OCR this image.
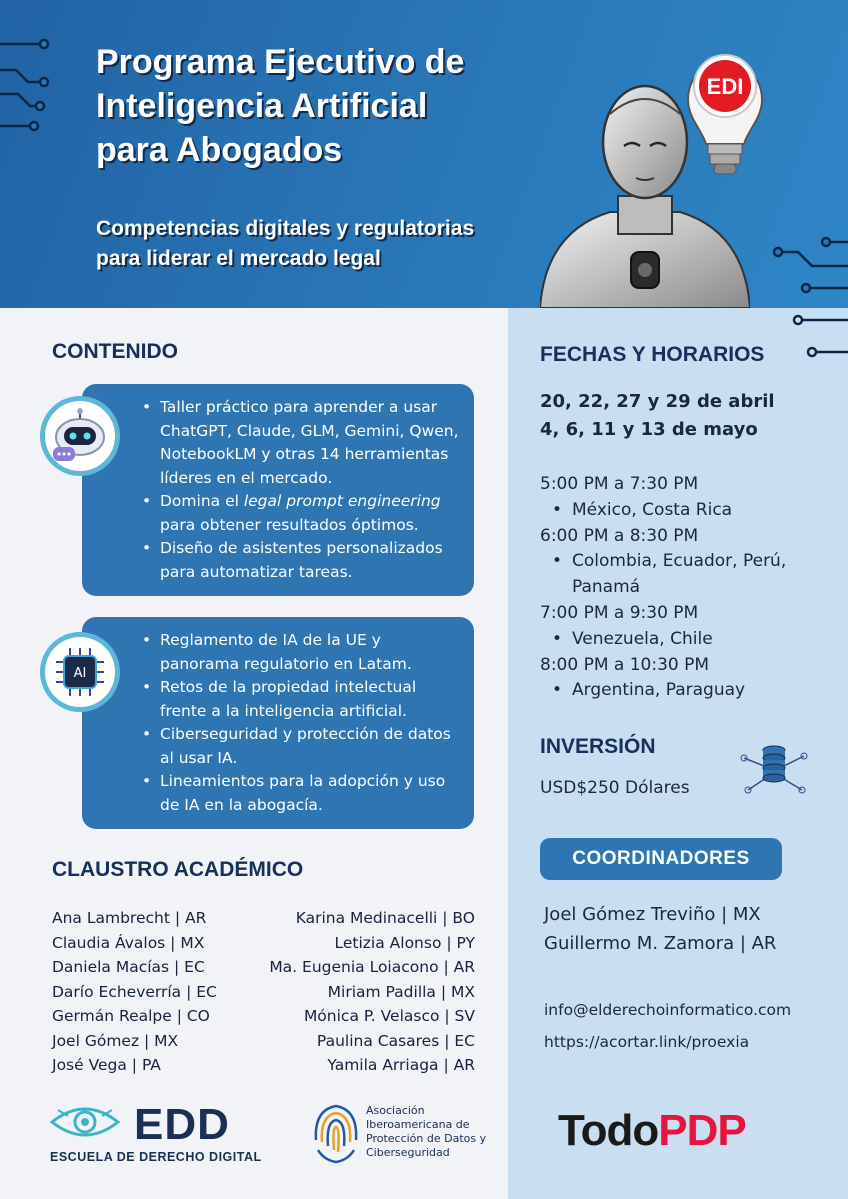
Programa Ejecutivo de
Inteligencia Artificial
para Abogados
Competencias digitales y regulatorias
para liderar el mercado legal
EDI
CONTENIDO
• Taller práctico para aprender a usar ChatGPT, Claude, GLM, Gemini, Qwen, NotebookLM y otras 14 herramientas líderes en el mercado.
• Domina el legal prompt engineering para obtener resultados óptimos.
• Diseño de asistentes personalizados para automatizar tareas.
• Reglamento de IA de la UE y panorama regulatorio en Latam.
• Retos de la propiedad intelectual frente a la inteligencia artificial.
• Ciberseguridad y protección de datos al usar IA.
• Lineamientos para la adopción y uso de IA en la abogacía.
AI
CLAUSTRO ACADÉMICO
Ana Lambrecht | AR
Claudia Ávalos | MX
Daniela Macías | EC
Darío Echeverría | EC
Germán Realpe | CO
Joel Gómez | MX
José Vega | PA
Karina Medinacelli | BO
Letizia Alonso | PY
Ma. Eugenia Loiacono | AR
Miriam Padilla | MX
Mónica P. Velasco | SV
Paulina Casares | EC
Yamila Arriaga | AR
FECHAS Y HORARIOS
20, 22, 27 y 29 de abril
4, 6, 11 y 13 de mayo
5:00 PM a 7:30 PM
• México, Costa Rica
6:00 PM a 8:30 PM
• Colombia, Ecuador, Perú,
Panamá
7:00 PM a 9:30 PM
• Venezuela, Chile
8:00 PM a 10:30 PM
• Argentina, Paraguay
INVERSIÓN
USD$250 Dólares
COORDINADORES
Joel Gómez Treviño | MX
Guillermo M. Zamora | AR
info@elderechoinformatico.com
https://acortar.link/proexia
EDD
ESCUELA DE DERECHO DIGITAL
Asociación
Iberoamericana de
Protección de Datos y
Ciberseguridad	TodoPDP
